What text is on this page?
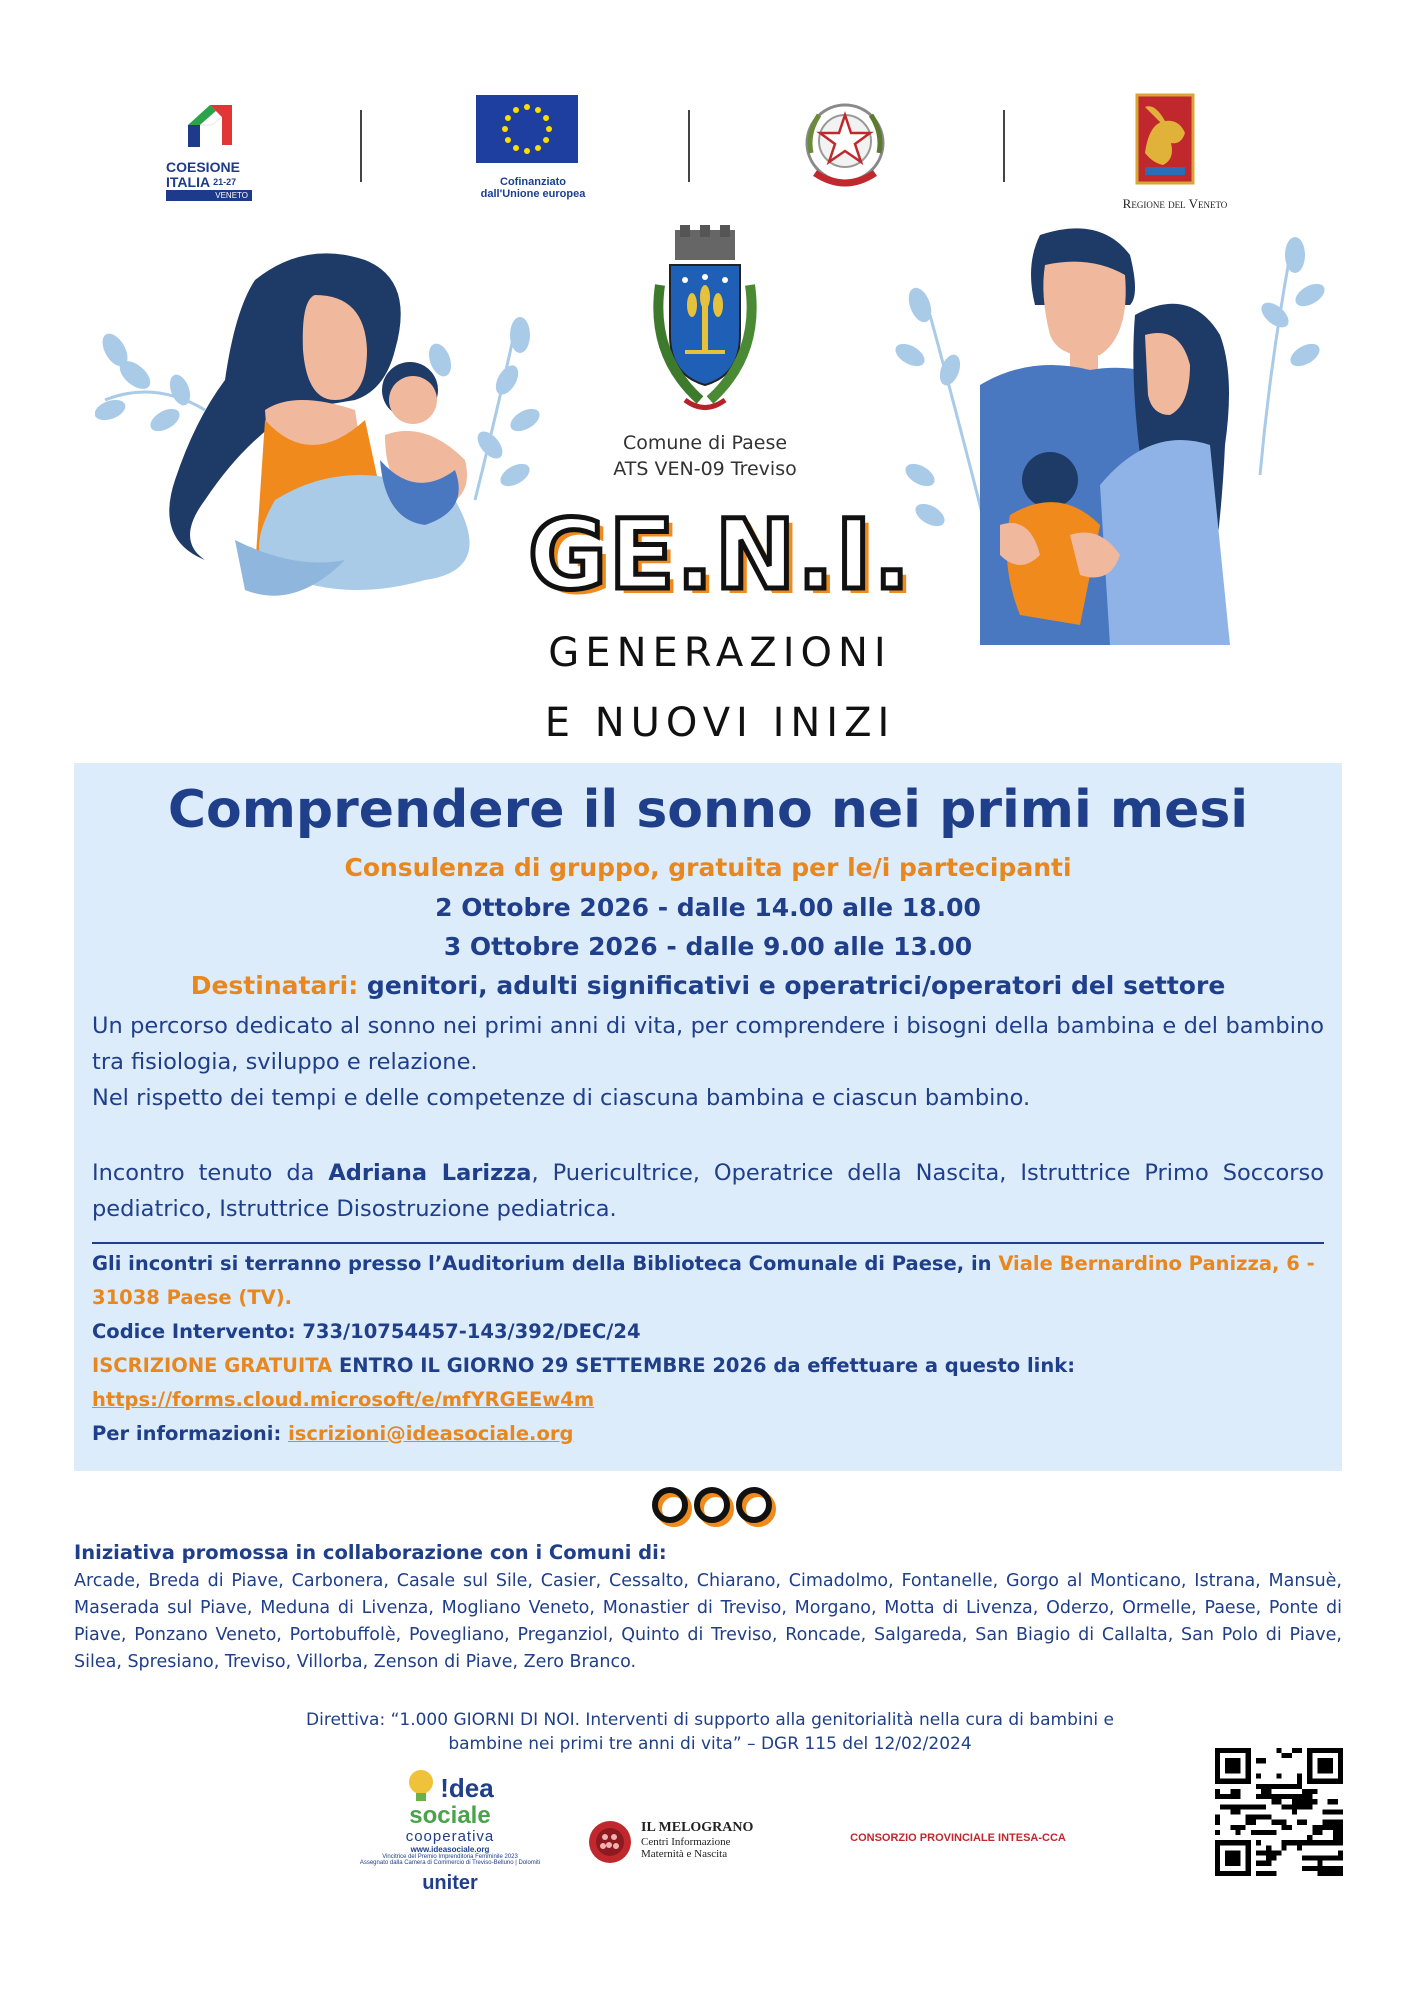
COESIONE
ITALIA 21-27
VENETO
Cofinanziato
dall'Unione europea
Regione del Veneto
Comune di Paese
ATS VEN-09 Treviso
GE.N.I.
GENERAZIONI
E NUOVI INIZI
Comprendere il sonno nei primi mesi
Consulenza di gruppo, gratuita per le/i partecipanti
2 Ottobre 2026 - dalle 14.00 alle 18.00
3 Ottobre 2026 - dalle 9.00 alle 13.00
Destinatari: genitori, adulti significativi e operatrici/operatori del settore
Un percorso dedicato al sonno nei primi anni di vita, per comprendere i bisogni della bambina e del bambino tra fisiologia, sviluppo e relazione.
Nel rispetto dei tempi e delle competenze di ciascuna bambina e ciascun bambino.
Incontro tenuto da Adriana Larizza, Puericultrice, Operatrice della Nascita, Istruttrice Primo Soccorso pediatrico, Istruttrice Disostruzione pediatrica.
Gli incontri si terranno presso l’Auditorium della Biblioteca Comunale di Paese, in Viale Bernardino Panizza, 6 - 31038 Paese (TV).
Codice Intervento: 733/10754457-143/392/DEC/24
ISCRIZIONE GRATUITA ENTRO IL GIORNO 29 SETTEMBRE 2026 da effettuare a questo link:
https://forms.cloud.microsoft/e/mfYRGEEw4m
Per informazioni: iscrizioni@ideasociale.org
Iniziativa promossa in collaborazione con i Comuni di:
Arcade, Breda di Piave, Carbonera, Casale sul Sile, Casier, Cessalto, Chiarano, Cimadolmo, Fontanelle, Gorgo al Monticano, Istrana, Mansuè, Maserada sul Piave, Meduna di Livenza, Mogliano Veneto, Monastier di Treviso, Morgano, Motta di Livenza, Oderzo, Ormelle, Paese, Ponte di Piave, Ponzano Veneto, Portobuffolè, Povegliano, Preganziol, Quinto di Treviso, Roncade, Salgareda, San Biagio di Callalta, San Polo di Piave, Silea, Spresiano, Treviso, Villorba, Zenson di Piave, Zero Branco.
Direttiva: “1.000 GIORNI DI NOI. Interventi di supporto alla genitorialità nella cura di bambini e
bambine nei primi tre anni di vita” – DGR 115 del 12/02/2024
!dea
sociale
cooperativa
www.ideasociale.org
Vincitrice del Premio Imprenditoria Femminile 2023
Assegnato dalla Camera di Commercio di Treviso-Belluno | Dolomiti
uniter
IL MELOGRANO
Centri Informazione
Maternità e Nascita
CONSORZIO PROVINCIALE INTESA-CCA
